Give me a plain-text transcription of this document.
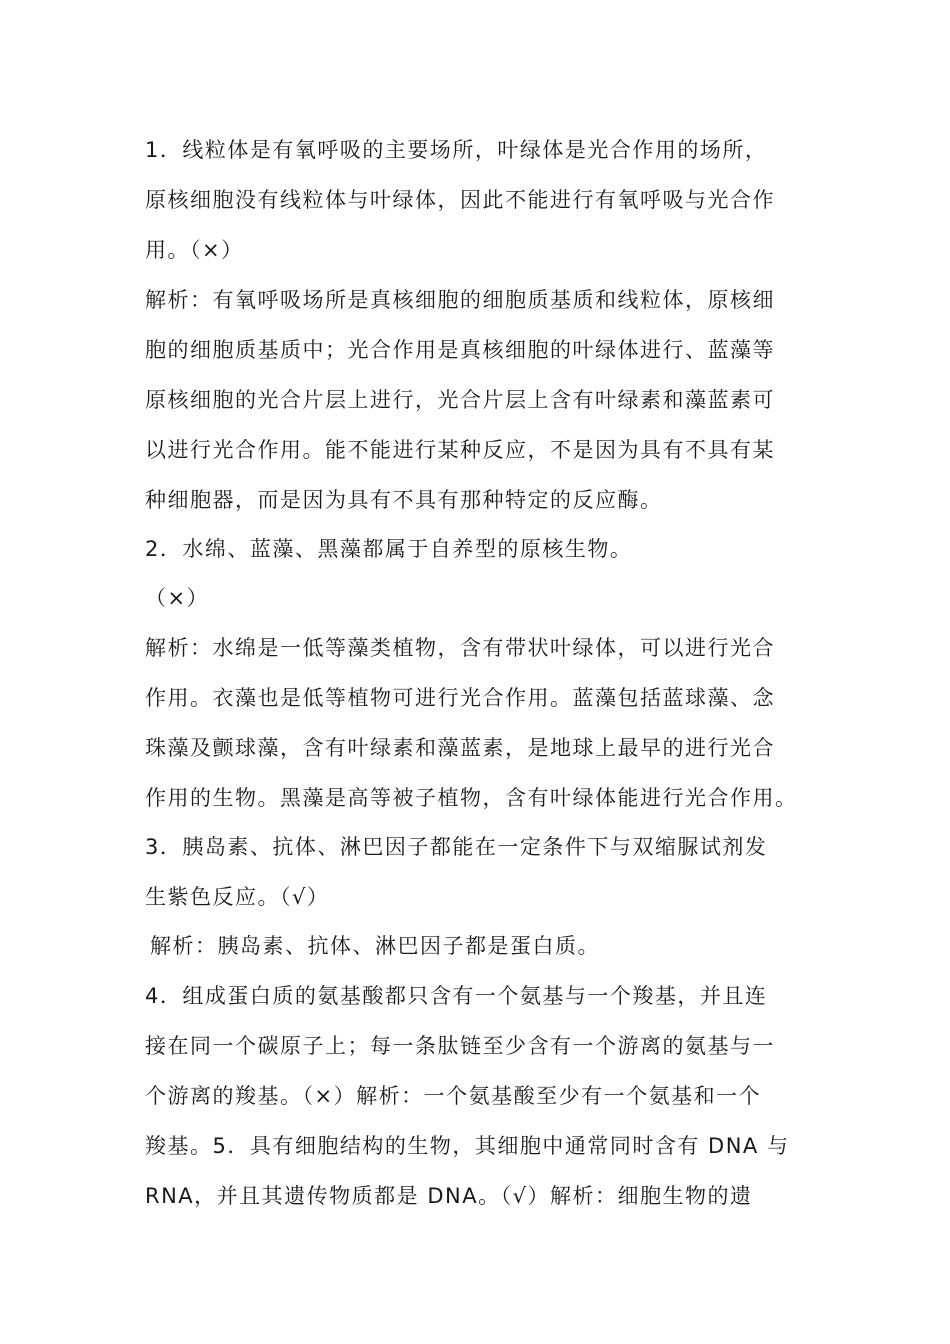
1．线粒体是有氧呼吸的主要场所，叶绿体是光合作用的场所，
原核细胞没有线粒体与叶绿体，因此不能进行有氧呼吸与光合作
用。（×）
解析：有氧呼吸场所是真核细胞的细胞质基质和线粒体，原核细
胞的细胞质基质中；光合作用是真核细胞的叶绿体进行、蓝藻等
原核细胞的光合片层上进行，光合片层上含有叶绿素和藻蓝素可
以进行光合作用。能不能进行某种反应，不是因为具有不具有某
种细胞器，而是因为具有不具有那种特定的反应酶。
2．水绵、蓝藻、黑藻都属于自养型的原核生物。
（×）
解析：水绵是一低等藻类植物，含有带状叶绿体，可以进行光合
作用。衣藻也是低等植物可进行光合作用。蓝藻包括蓝球藻、念
珠藻及颤球藻，含有叶绿素和藻蓝素，是地球上最早的进行光合
作用的生物。黑藻是高等被子植物，含有叶绿体能进行光合作用。
3．胰岛素、抗体、淋巴因子都能在一定条件下与双缩脲试剂发
生紫色反应。（√）
解析：胰岛素、抗体、淋巴因子都是蛋白质。
4．组成蛋白质的氨基酸都只含有一个氨基与一个羧基，并且连
接在同一个碳原子上；每一条肽链至少含有一个游离的氨基与一
个游离的羧基。（×）解析：一个氨基酸至少有一个氨基和一个
羧基。5．具有细胞结构的生物，其细胞中通常同时含有 DNA 与
RNA，并且其遗传物质都是 DNA。（√）解析：细胞生物的遗
